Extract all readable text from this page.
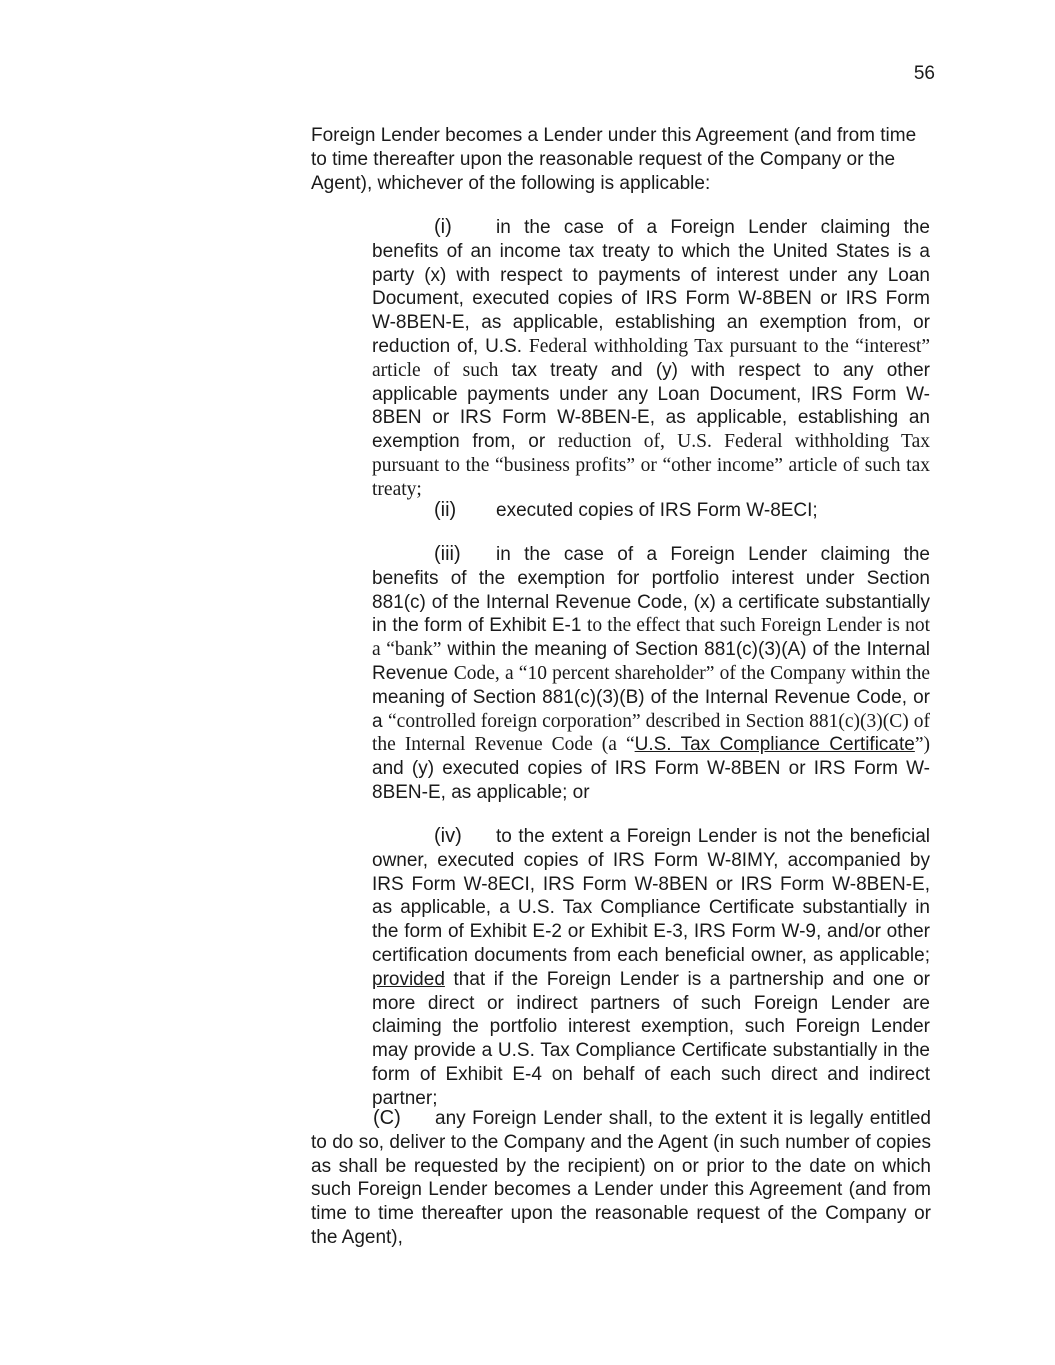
56

Foreign Lender becomes a Lender under this Agreement (and from time to time thereafter upon the reasonable request of the Company or the Agent), whichever of the following is applicable:

(i) in the case of a Foreign Lender claiming the benefits of an income tax treaty to which the United States is a party (x) with respect to payments of interest under any Loan Document, executed copies of IRS Form W-8BEN or IRS Form W-8BEN-E, as applicable, establishing an exemption from, or reduction of, U.S. Federal withholding Tax pursuant to the “interest” article of such tax treaty and (y) with respect to any other applicable payments under any Loan Document, IRS Form W-8BEN or IRS Form W-8BEN-E, as applicable, establishing an exemption from, or reduction of, U.S. Federal withholding Tax pursuant to the “business profits” or “other income” article of such tax treaty;

(ii) executed copies of IRS Form W-8ECI;

(iii) in the case of a Foreign Lender claiming the benefits of the exemption for portfolio interest under Section 881(c) of the Internal Revenue Code, (x) a certificate substantially in the form of Exhibit E-1 to the effect that such Foreign Lender is not a “bank” within the meaning of Section 881(c)(3)(A) of the Internal Revenue Code, a “10 percent shareholder” of the Company within the meaning of Section 881(c)(3)(B) of the Internal Revenue Code, or a “controlled foreign corporation” described in Section 881(c)(3)(C) of the Internal Revenue Code (a “U.S. Tax Compliance Certificate”) and (y) executed copies of IRS Form W-8BEN or IRS Form W-8BEN-E, as applicable; or

(iv) to the extent a Foreign Lender is not the beneficial owner, executed copies of IRS Form W-8IMY, accompanied by IRS Form W-8ECI, IRS Form W-8BEN or IRS Form W-8BEN-E, as applicable, a U.S. Tax Compliance Certificate substantially in the form of Exhibit E-2 or Exhibit E-3, IRS Form W-9, and/or other certification documents from each beneficial owner, as applicable; provided that if the Foreign Lender is a partnership and one or more direct or indirect partners of such Foreign Lender are claiming the portfolio interest exemption, such Foreign Lender may provide a U.S. Tax Compliance Certificate substantially in the form of Exhibit E-4 on behalf of each such direct and indirect partner;

(C) any Foreign Lender shall, to the extent it is legally entitled to do so, deliver to the Company and the Agent (in such number of copies as shall be requested by the recipient) on or prior to the date on which such Foreign Lender becomes a Lender under this Agreement (and from time to time thereafter upon the reasonable request of the Company or the Agent),
